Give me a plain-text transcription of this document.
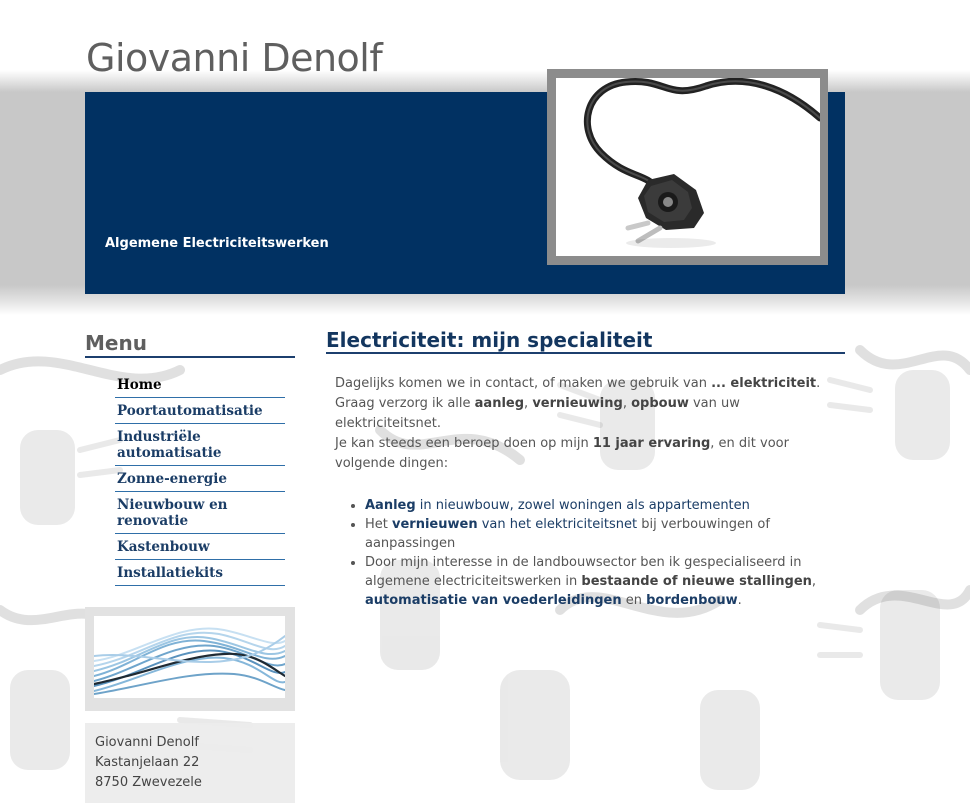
Giovanni Denolf
Algemene Electriciteitswerken
Menu
Home
Poortautomatisatie
Industriële automatisatie
Zonne-energie
Nieuwbouw en renovatie
Kastenbouw
Installatiekits
Giovanni Denolf
Kastanjelaan 22
8750 Zwevezele
Electriciteit: mijn specialiteit

Dagelijks komen we in contact, of maken we gebruik van ... elektriciteit. Graag verzorg ik alle aanleg, vernieuwing, opbouw van uw elektriciteitsnet.
Je kan steeds een beroep doen op mijn 11 jaar ervaring, en dit voor volgende dingen:

• Aanleg in nieuwbouw, zowel woningen als appartementen
• Het vernieuwen van het elektriciteitsnet bij verbouwingen of aanpassingen
• Door mijn interesse in de landbouwsector ben ik gespecialiseerd in algemene electriciteitswerken in bestaande of nieuwe stallingen, automatisatie van voederleidingen en bordenbouw.
